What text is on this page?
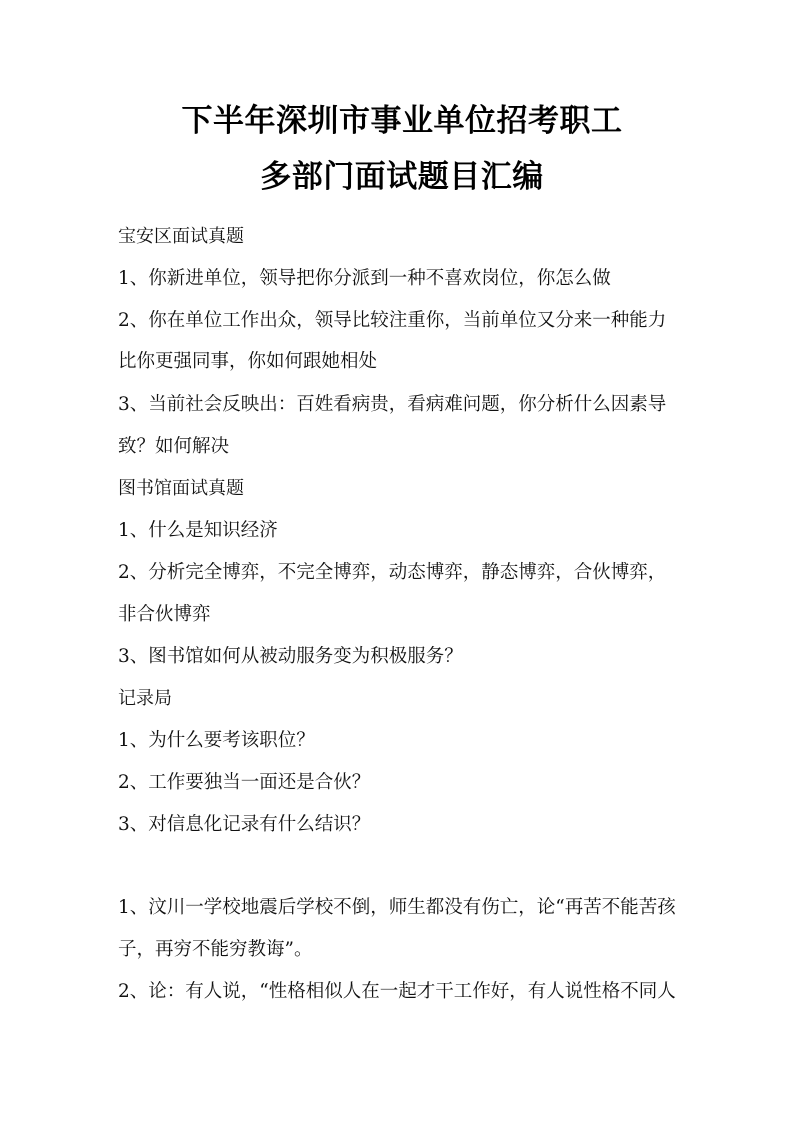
下半年深圳市事业单位招考职工
多部门面试题目汇编
宝安区面试真题
1、你新进单位，领导把你分派到一种不喜欢岗位，你怎么做
2、你在单位工作出众，领导比较注重你，当前单位又分来一种能力
比你更强同事，你如何跟她相处
3、当前社会反映出：百姓看病贵，看病难问题，你分析什么因素导
致？如何解决
图书馆面试真题
1、什么是知识经济
2、分析完全博弈，不完全博弈，动态博弈，静态博弈，合伙博弈，
非合伙博弈
3、图书馆如何从被动服务变为积极服务？
记录局
1、为什么要考该职位？
2、工作要独当一面还是合伙？
3、对信息化记录有什么结识？
1、汶川一学校地震后学校不倒，师生都没有伤亡，论“再苦不能苦孩
子，再穷不能穷教诲”。
2、论：有人说，“性格相似人在一起才干工作好，有人说性格不同人
